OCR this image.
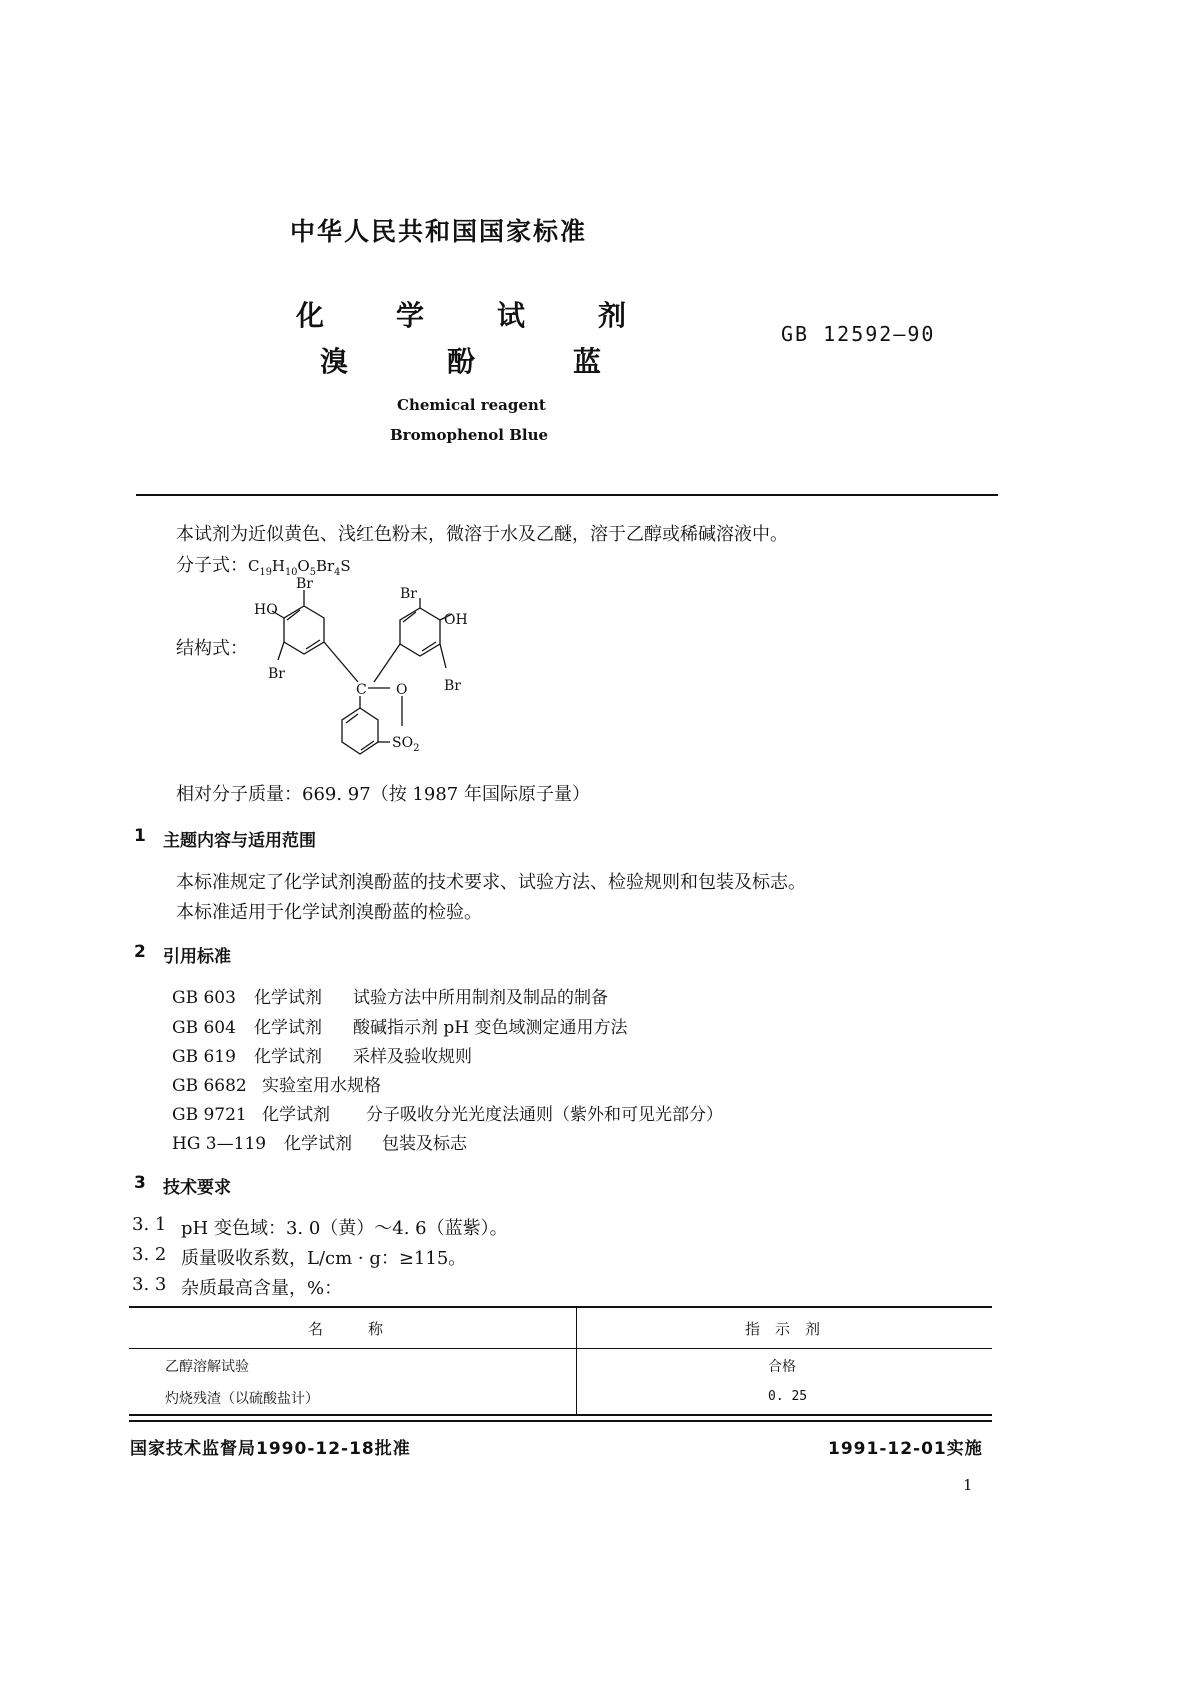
中华人民共和国国家标准
化	学	试	剂
溴	酚	蓝
GB 12592—90
Chemical reagent
Bromophenol Blue
本试剂为近似黄色、浅红色粉末，微溶于水及乙醚，溶于乙醇或稀碱溶液中。
分子式：$C_{19}H_{10}O_5Br_4S$
结构式：
Br
HO
Br
Br
OH
Br
C O
$SO_2$
相对分子质量：669. 97（按 1987 年国际原子量）
1 主题内容与适用范围
本标准规定了化学试剂溴酚蓝的技术要求、试验方法、检验规则和包装及标志。
本标准适用于化学试剂溴酚蓝的检验。
2 引用标准
GB 603 化学试剂 试验方法中所用制剂及制品的制备
GB 604 化学试剂 酸碱指示剂 pH 变色域测定通用方法
GB 619 化学试剂 采样及验收规则
GB 6682 实验室用水规格
GB 9721 化学试剂 分子吸收分光光度法通则（紫外和可见光部分）
HG 3—119 化学试剂 包装及标志
3 技术要求
3. 1 pH 变色域：3. 0（黄）～4. 6（蓝紫）。
3. 2 质量吸收系数，L/cm · g：≥115。
3. 3 杂质最高含量，%：
名　　　称	指　示　剂
乙醇溶解试验	合格
灼烧残渣（以硫酸盐计）	0. 25
国家技术监督局1990-12-18批准	1991-12-01实施
1
